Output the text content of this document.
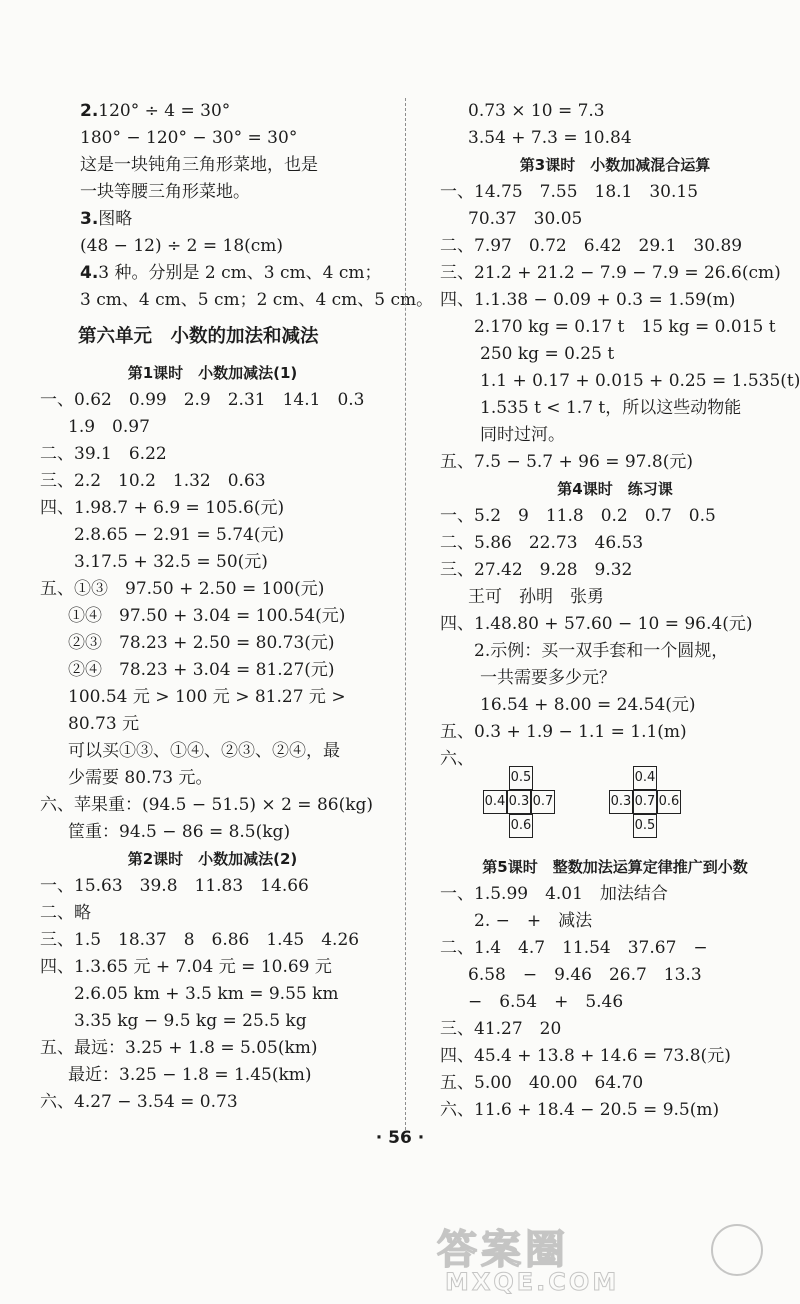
2.120° ÷ 4 = 30°
180° − 120° − 30° = 30°
这是一块钝角三角形菜地，也是
一块等腰三角形菜地。
3.图略
(48 − 12) ÷ 2 = 18(cm)
4.3 种。分别是 2 cm、3 cm、4 cm；
3 cm、4 cm、5 cm；2 cm、4 cm、5 cm。
第六单元　小数的加法和减法
第1课时　小数加减法(1)
一、0.62　0.99　2.9　2.31　14.1　0.3
1.9　0.97
二、39.1　6.22
三、2.2　10.2　1.32　0.63
四、1.98.7 + 6.9 = 105.6(元)
2.8.65 − 2.91 = 5.74(元)
3.17.5 + 32.5 = 50(元)
五、①③　97.50 + 2.50 = 100(元)
①④　97.50 + 3.04 = 100.54(元)
②③　78.23 + 2.50 = 80.73(元)
②④　78.23 + 3.04 = 81.27(元)
100.54 元 > 100 元 > 81.27 元 >
80.73 元
可以买①③、①④、②③、②④，最
少需要 80.73 元。
六、苹果重：(94.5 − 51.5) × 2 = 86(kg)
筐重：94.5 − 86 = 8.5(kg)
第2课时　小数加减法(2)
一、15.63　39.8　11.83　14.66
二、略
三、1.5　18.37　8　6.86　1.45　4.26
四、1.3.65 元 + 7.04 元 = 10.69 元
2.6.05 km + 3.5 km = 9.55 km
3.35 kg − 9.5 kg = 25.5 kg
五、最远：3.25 + 1.8 = 5.05(km)
最近：3.25 − 1.8 = 1.45(km)
六、4.27 − 3.54 = 0.73
0.73 × 10 = 7.3
3.54 + 7.3 = 10.84
第3课时　小数加减混合运算
一、14.75　7.55　18.1　30.15
70.37　30.05
二、7.97　0.72　6.42　29.1　30.89
三、21.2 + 21.2 − 7.9 − 7.9 = 26.6(cm)
四、1.1.38 − 0.09 + 0.3 = 1.59(m)
2.170 kg = 0.17 t　15 kg = 0.015 t
250 kg = 0.25 t
1.1 + 0.17 + 0.015 + 0.25 = 1.535(t)
1.535 t < 1.7 t，所以这些动物能
同时过河。
五、7.5 − 5.7 + 96 = 97.8(元)
第4课时　练习课
一、5.2　9　11.8　0.2　0.7　0.5
二、5.86　22.73　46.53
三、27.42　9.28　9.32
王可　孙明　张勇
四、1.48.80 + 57.60 − 10 = 96.4(元)
2.示例：买一双手套和一个圆规，
一共需要多少元？
16.54 + 8.00 = 24.54(元)
五、0.3 + 1.9 − 1.1 = 1.1(m)
六、
第5课时　整数加法运算定律推广到小数
一、1.5.99　4.01　加法结合
2. −　+　减法
二、1.4　4.7　11.54　37.67　−
6.58　−　9.46　26.7　13.3
−　6.54　+　5.46
三、41.27　20
四、45.4 + 13.8 + 14.6 = 73.8(元)
五、5.00　40.00　64.70
六、11.6 + 18.4 − 20.5 = 9.5(m)
0.5
0.4 0.3 0.7
0.6
0.4
0.3 0.7 0.6
0.5
· 56 ·
答案圈
MXQE.COM
